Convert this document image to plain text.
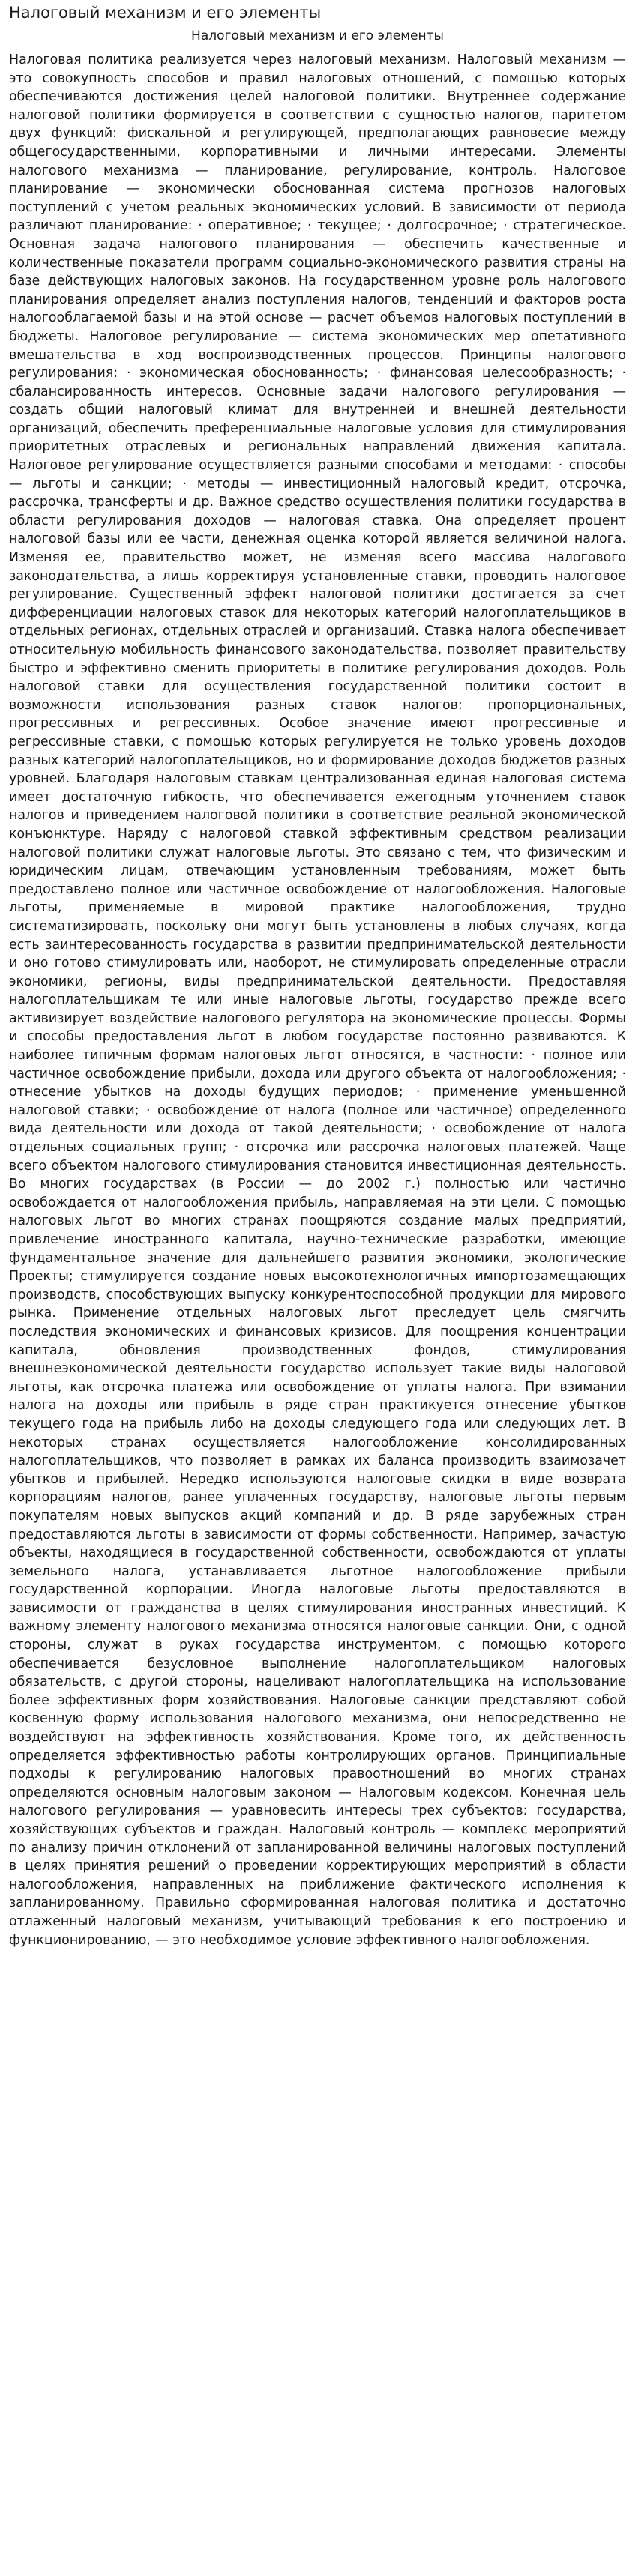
Налоговый механизм и его элементы
Налоговый механизм и его элементы

Налоговая политика реализуется через налоговый механизм. Налоговый механизм — это совокупность способов и правил налоговых отношений, с помощью которых обеспечиваются достижения целей налоговой политики. Внутреннее содержание налоговой политики формируется в соответствии с сущностью налогов, паритетом двух функций: фискальной и регулирующей, предполагающих равновесие между общегосударственными, корпоративными и личными интересами. Элементы налогового механизма — планирование, регулирование, контроль. Налоговое планирование — экономически обоснованная система прогнозов налоговых поступлений с учетом реальных экономических условий. В зависимости от периода различают планирование: · оперативное; · текущее; · долгосрочное; · стратегическое. Основная задача налогового планирования — обеспечить качественные и количественные показатели программ социально-экономического развития страны на базе действующих налоговых законов. На государственном уровне роль налогового планирования определяет анализ поступления налогов, тенденций и факторов роста налогооблагаемой базы и на этой основе — расчет объемов налоговых поступлений в бюджеты. Налоговое регулирование — система экономических мер опетативного вмешательства в ход воспроизводственных процессов. Принципы налогового регулирования: · экономическая обоснованность; · финансовая целесообразность; · сбалансированность интересов. Основные задачи налогового регулирования — создать общий налоговый климат для внутренней и внешней деятельности организаций, обеспечить преференциальные налоговые условия для стимулирования приоритетных отраслевых и региональных направлений движения капитала. Налоговое регулирование осуществляется разными способами и методами: · способы — льготы и санкции; · методы — инвестиционный налоговый кредит, отсрочка, рассрочка, трансферты и др. Важное средство осуществления политики государства в области регулирования доходов — налоговая ставка. Она определяет процент налоговой базы или ее части, денежная оценка которой является величиной налога. Изменяя ее, правительство может, не изменяя всего массива налогового законодательства, а лишь корректируя установленные ставки, проводить налоговое регулирование. Существенный эффект налоговой политики достигается за счет дифференциации налоговых ставок для некоторых категорий налогоплательщиков в отдельных регионах, отдельных отраслей и организаций. Ставка налога обеспечивает относительную мобильность финансового законодательства, позволяет правительству быстро и эффективно сменить приоритеты в политике регулирования доходов. Роль налоговой ставки для осуществления государственной политики состоит в возможности использования разных ставок налогов: пропорциональных, прогрессивных и регрессивных. Особое значение имеют прогрессивные и регрессивные ставки, с помощью которых регулируется не только уровень доходов разных категорий налогоплательщиков, но и формирование доходов бюджетов разных уровней. Благодаря налоговым ставкам централизованная единая налоговая система имеет достаточную гибкость, что обеспечивается ежегодным уточнением ставок налогов и приведением налоговой политики в соответствие реальной экономической конъюнктуре. Наряду с налоговой ставкой эффективным средством реализации налоговой политики служат налоговые льготы. Это связано с тем, что физическим и юридическим лицам, отвечающим установленным требованиям, может быть предоставлено полное или частичное освобождение от налогообложения. Налоговые льготы, применяемые в мировой практике налогообложения, трудно систематизировать, поскольку они могут быть установлены в любых случаях, когда есть заинтересованность государства в развитии предпринимательской деятельности и оно готово стимулировать или, наоборот, не стимулировать определенные отрасли экономики, регионы, виды предпринимательской деятельности. Предоставляя налогоплательщикам те или иные налоговые льготы, государство прежде всего активизирует воздействие налогового регулятора на экономические процессы. Формы и способы предоставления льгот в любом государстве постоянно развиваются. К наиболее типичным формам налоговых льгот относятся, в частности: · полное или частичное освобождение прибыли, дохода или другого объекта от налогообложения; · отнесение убытков на доходы будущих периодов; · применение уменьшенной налоговой ставки; · освобождение от налога (полное или частичное) определенного вида деятельности или дохода от такой деятельности; · освобождение от налога отдельных социальных групп; · отсрочка или рассрочка налоговых платежей. Чаще всего объектом налогового стимулирования становится инвестиционная деятельность. Во многих государствах (в России — до 2002 г.) полностью или частично освобождается от налогообложения прибыль, направляемая на эти цели. С помощью налоговых льгот во многих странах поощряются создание малых предприятий, привлечение иностранного капитала, научно-технические разработки, имеющие фундаментальное значение для дальнейшего развития экономики, экологические Проекты; стимулируется создание новых высокотехнологичных импортозамещающих производств, способствующих выпуску конкурентоспособной продукции для мирового рынка. Применение отдельных налоговых льгот преследует цель смягчить последствия экономических и финансовых кризисов. Для поощрения концентрации капитала, обновления производственных фондов, стимулирования внешнеэкономической деятельности государство использует такие виды налоговой льготы, как отсрочка платежа или освобождение от уплаты налога. При взимании налога на доходы или прибыль в ряде стран практикуется отнесение убытков текущего года на прибыль либо на доходы следующего года или следующих лет. В некоторых странах осуществляется налогообложение консолидированных налогоплательщиков, что позволяет в рамках их баланса производить взаимозачет убытков и прибылей. Нередко используются налоговые скидки в виде возврата корпорациям налогов, ранее уплаченных государству, налоговые льготы первым покупателям новых выпусков акций компаний и др. В ряде зарубежных стран предоставляются льготы в зависимости от формы собственности. Например, зачастую объекты, находящиеся в государственной собственности, освобождаются от уплаты земельного налога, устанавливается льготное налогообложение прибыли государственной корпорации. Иногда налоговые льготы предоставляются в зависимости от гражданства в целях стимулирования иностранных инвестиций. К важному элементу налогового механизма относятся налоговые санкции. Они, с одной стороны, служат в руках государства инструментом, с помощью которого обеспечивается безусловное выполнение налогоплательщиком налоговых обязательств, с другой стороны, нацеливают налогоплательщика на использование более эффективных форм хозяйствования. Налоговые санкции представляют собой косвенную форму использования налогового механизма, они непосредственно не воздействуют на эффективность хозяйствования. Кроме того, их действенность определяется эффективностью работы контролирующих органов. Принципиальные подходы к регулированию налоговых правоотношений во многих странах определяются основным налоговым законом — Налоговым кодексом. Конечная цель налогового регулирования — уравновесить интересы трех субъектов: государства, хозяйствующих субъектов и граждан. Налоговый контроль — комплекс мероприятий по анализу причин отклонений от запланированной величины налоговых поступлений в целях принятия решений о проведении корректирующих мероприятий в области налогообложения, направленных на приближение фактического исполнения к запланированному. Правильно сформированная налоговая политика и достаточно отлаженный налоговый механизм, учитывающий требования к его построению и функционированию, — это необходимое условие эффективного налогообложения.
